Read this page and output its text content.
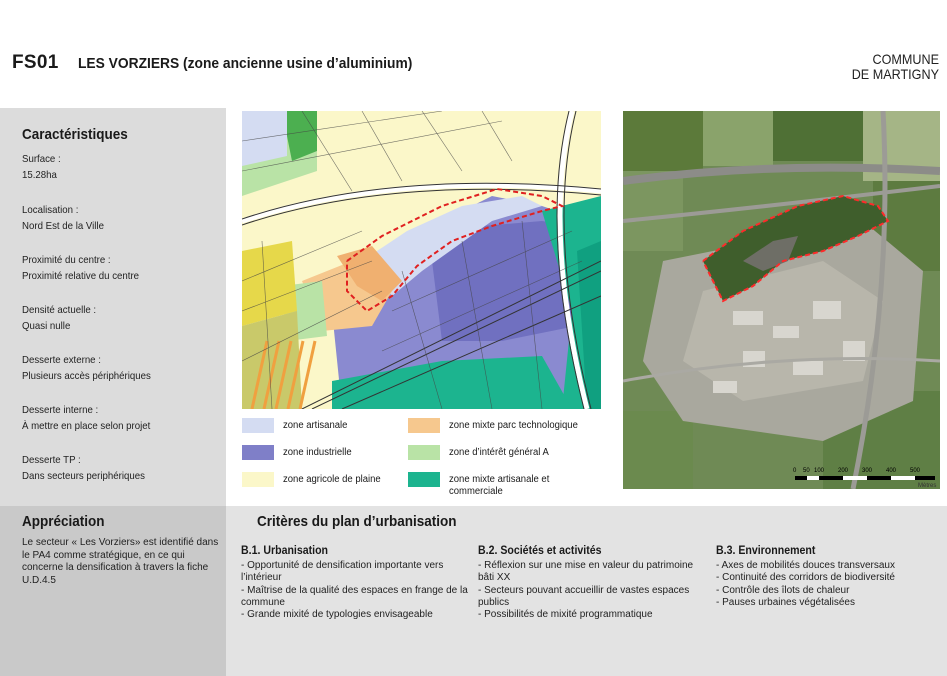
FS01 LES VORZIERS (zone ancienne usine d’aluminium)	COMMUNE
DE MARTIGNY
Caractéristiques
Surface :
15.28ha
Localisation :
Nord Est de la Ville
Proximité du centre :
Proximité relative du centre
Densité actuelle :
Quasi nulle
Desserte externe :
Plusieurs accès périphériques
Desserte interne :
À mettre en place selon projet
Desserte TP :
Dans secteurs periphériques
zone artisanale	zone mixte parc technologique
zone industrielle	zone d’intérêt général A
zone agricole de plaine	zone mixte artisanale et commerciale
0 50 100 200 300 400 500
Mètres
Appréciation
Le secteur « Les Vorziers» est identifié dans le PA4 comme stratégique, en ce qui concerne la densification à travers la fiche U.D.4.5
Critères du plan d’urbanisation
B.1. Urbanisation
- Opportunité de densification importante vers l’intérieur
- Maîtrise de la qualité des espaces en frange de la commune
- Grande mixité de typologies envisageable
B.2. Sociétés et activités
- Réflexion sur une mise en valeur du patrimoine bâti XX
- Secteurs pouvant accueillir de vastes espaces publics
- Possibilités de mixité programmatique
B.3. Environnement
- Axes de mobilités douces transversaux
- Continuité des corridors de biodiversité
- Contrôle des îlots de chaleur
- Pauses urbaines végétalisées
